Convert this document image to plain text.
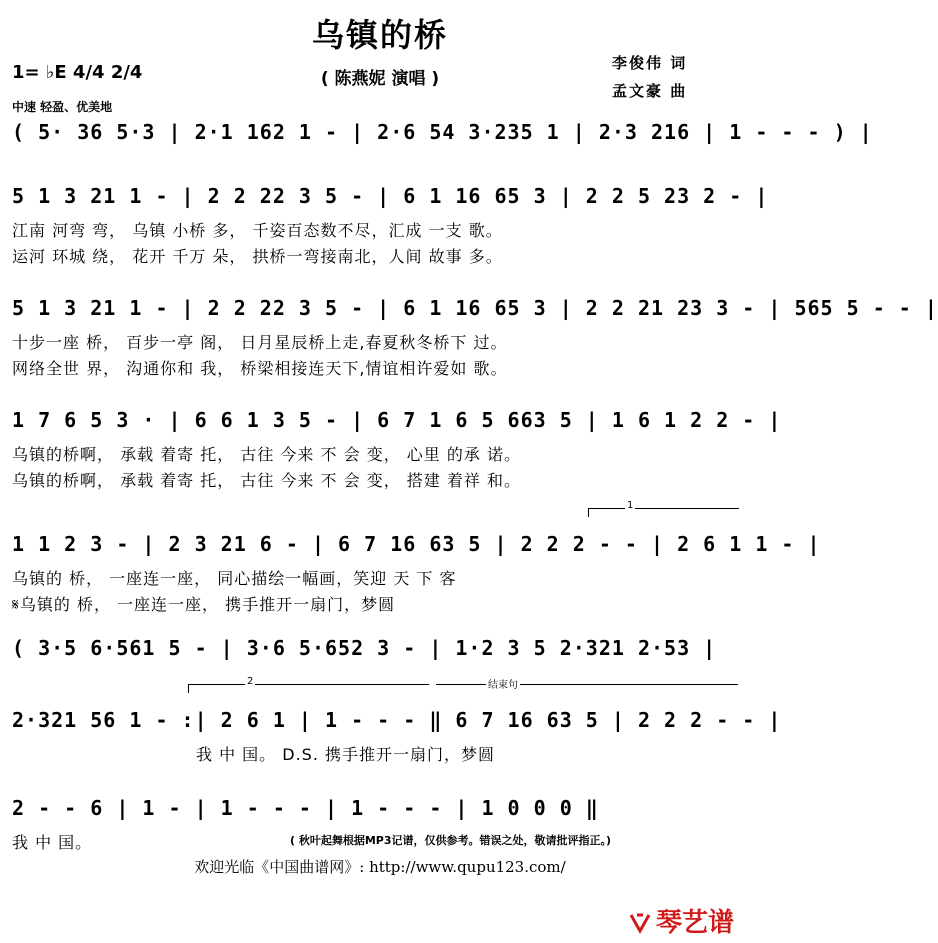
乌镇的桥
( 陈燕妮 演唱 )
1= ♭E 4/4 2/4
中速 轻盈、优美地
李俊伟 词
孟文豪 曲
( 5· 36 5·3 | 2·1 162 1 - | 2·6 54 3·235 1 | 2·3 216 | 1 - - - ) |
5 1 3 21 1 - | 2 2 22 3 5 - | 6 1 16 65 3 | 2 2 5 23 2 - |
江南 河弯 弯， 乌镇 小桥 多， 千姿百态数不尽，汇成 一支 歌。
运河 环城 绕， 花开 千万 朵， 拱桥一弯接南北，人间 故事 多。
5 1 3 21 1 - | 2 2 22 3 5 - | 6 1 16 65 3 | 2 2 21 23 3 - | 565 5 - - |
十步一座 桥， 百步一亭 阁， 日月星辰桥上走,春夏秋冬桥下 过。
网络全世 界， 沟通你和 我， 桥梁相接连天下,情谊相许爱如 歌。
1 7 6 5 3 · | 6 6 1 3 5 - | 6 7 1 6 5 663 5 | 1 6 1 2 2 - |
乌镇的桥啊， 承载 着寄 托， 古往 今来 不 会 变， 心里 的承 诺。
乌镇的桥啊， 承载 着寄 托， 古往 今来 不 会 变， 搭建 着祥 和。
1
1 1 2 3 - | 2 3 21 6 - | 6 7 16 63 5 | 2 2 2 - - | 2 6 1 1 - |
乌镇的 桥， 一座连一座， 同心描绘一幅画，笑迎 天 下 客
𝄋乌镇的 桥， 一座连一座， 携手推开一扇门，梦圆
( 3·5 6·561 5 - | 3·6 5·652 3 - | 1·2 3 5 2·321 2·53 |
2	结束句
2·321 56 1 - :| 2 6 1 | 1 - - - ‖ 6 7 16 63 5 | 2 2 2 - - |
我 中 国。 D.S. 携手推开一扇门，梦圆
2 - - 6 | 1 - | 1 - - - | 1 - - - | 1 0 0 0 ‖
我 中 国。	( 秋叶起舞根据MP3记谱，仅供参考。错误之处，敬请批评指正。)
欢迎光临《中国曲谱网》: http://www.qupu123.com/
琴艺谱
